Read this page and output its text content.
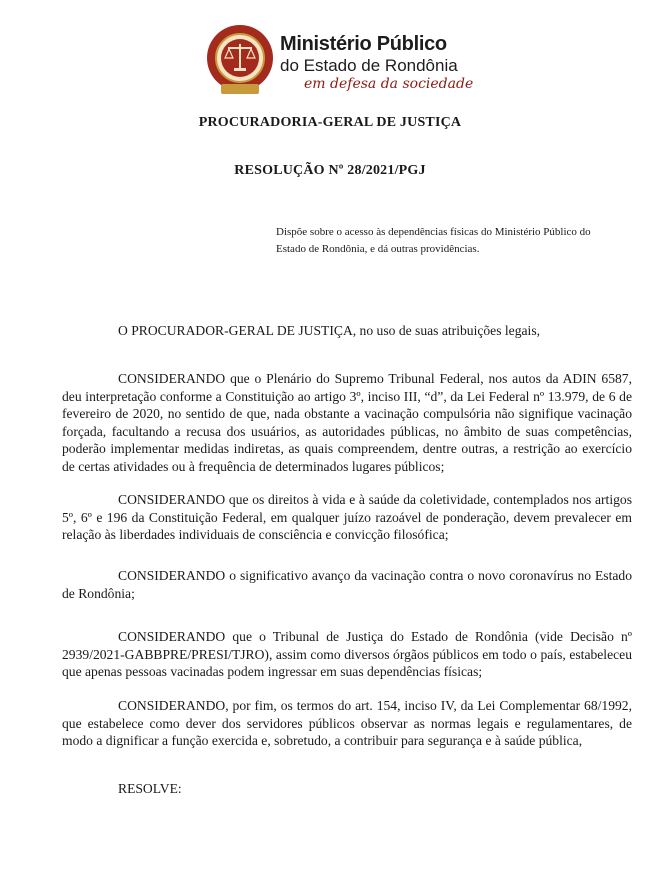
Ministério Público
do Estado de Rondônia
em defesa da sociedade
PROCURADORIA-GERAL DE JUSTIÇA
RESOLUÇÃO Nº 28/2021/PGJ
Dispõe sobre o acesso às dependências físicas do Ministério Público do Estado de Rondônia, e dá outras providências.
O PROCURADOR-GERAL DE JUSTIÇA, no uso de suas atribuições legais,
CONSIDERANDO que o Plenário do Supremo Tribunal Federal, nos autos da ADIN 6587, deu interpretação conforme a Constituição ao artigo 3º, inciso III, “d”, da Lei Federal nº 13.979, de 6 de fevereiro de 2020, no sentido de que, nada obstante a vacinação compulsória não signifique vacinação forçada, facultando a recusa dos usuários, as autoridades públicas, no âmbito de suas competências, poderão implementar medidas indiretas, as quais compreendem, dentre outras, a restrição ao exercício de certas atividades ou à frequência de determinados lugares públicos;
CONSIDERANDO que os direitos à vida e à saúde da coletividade, contemplados nos artigos 5º, 6º e 196 da Constituição Federal, em qualquer juízo razoável de ponderação, devem prevalecer em relação às liberdades individuais de consciência e convicção filosófica;
CONSIDERANDO o significativo avanço da vacinação contra o novo coronavírus no Estado de Rondônia;
CONSIDERANDO que o Tribunal de Justiça do Estado de Rondônia (vide Decisão nº 2939/2021-GABBPRE/PRESI/TJRO), assim como diversos órgãos públicos em todo o país, estabeleceu que apenas pessoas vacinadas podem ingressar em suas dependências físicas;
CONSIDERANDO, por fim, os termos do art. 154, inciso IV, da Lei Complementar 68/1992, que estabelece como dever dos servidores públicos observar as normas legais e regulamentares, de modo a dignificar a função exercida e, sobretudo, a contribuir para segurança e à saúde pública,
RESOLVE:
